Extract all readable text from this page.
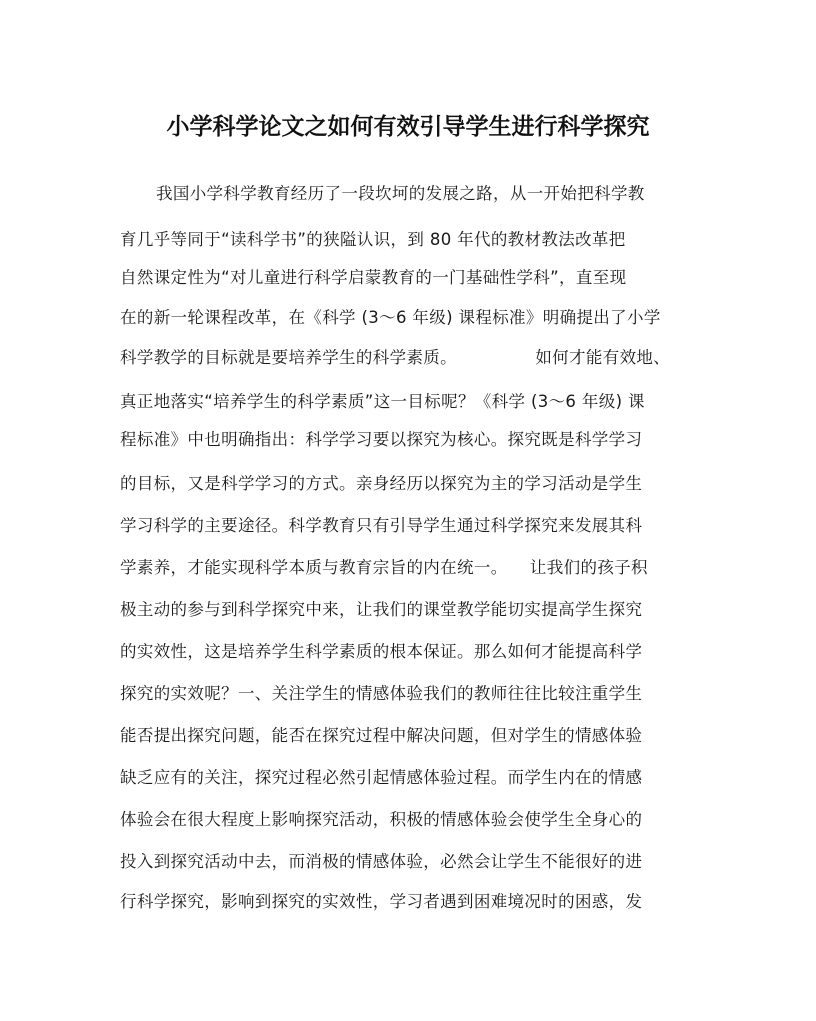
小学科学论文之如何有效引导学生进行科学探究
我国小学科学教育经历了一段坎坷的发展之路，从一开始把科学教
育几乎等同于“读科学书”的狭隘认识，到 80 年代的教材教法改革把
自然课定性为“对儿童进行科学启蒙教育的一门基础性学科”，直至现
在的新一轮课程改革，在《科学 (3～6 年级) 课程标准》明确提出了小学
科学教学的目标就是要培养学生的科学素质。              如何才能有效地、
真正地落实“培养学生的科学素质”这一目标呢？《科学 (3～6 年级) 课
程标准》中也明确指出：科学学习要以探究为核心。探究既是科学学习
的目标，又是科学学习的方式。亲身经历以探究为主的学习活动是学生
学习科学的主要途径。科学教育只有引导学生通过科学探究来发展其科
学素养，才能实现科学本质与教育宗旨的内在统一。    让我们的孩子积
极主动的参与到科学探究中来，让我们的课堂教学能切实提高学生探究
的实效性，这是培养学生科学素质的根本保证。那么如何才能提高科学
探究的实效呢？一、关注学生的情感体验我们的教师往往比较注重学生
能否提出探究问题，能否在探究过程中解决问题，但对学生的情感体验
缺乏应有的关注，探究过程必然引起情感体验过程。而学生内在的情感
体验会在很大程度上影响探究活动，积极的情感体验会使学生全身心的
投入到探究活动中去，而消极的情感体验，必然会让学生不能很好的进
行科学探究，影响到探究的实效性，学习者遇到困难境况时的困惑，发
